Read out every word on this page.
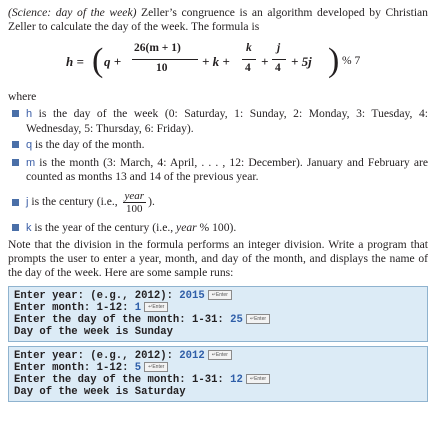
(Science: day of the week) Zeller’s congruence is an algorithm developed by Christian Zeller to calculate the day of the week. The formula is

h = ( q +
26(m + 1)
10	+ k +
k
4 +
j
4 + 5j ) % 7
where
h is the day of the week (0: Saturday, 1: Sunday, 2: Monday, 3: Tuesday, 4: Wednesday, 5: Thursday, 6: Friday).
q is the day of the month.
m is the month (3: March, 4: April, . . . , 12: December). January and February are counted as months 13 and 14 of the previous year.
j is the century (i.e., $\frac{\text{year}}{100}$ ).
k is the year of the century (i.e., year % 100).

Note that the division in the formula performs an integer division. Write a program that prompts the user to enter a year, month, and day of the month, and displays the name of the day of the week. Here are some sample runs:

Enter year: (e.g., 2012): 2015 ↵Enter
Enter month: 1-12: 1 ↵Enter
Enter the day of the month: 1-31: 25 ↵Enter
Day of the week is Sunday
Enter year: (e.g., 2012): 2012 ↵Enter
Enter month: 1-12: 5 ↵Enter
Enter the day of the month: 1-31: 12 ↵Enter
Day of the week is Saturday
